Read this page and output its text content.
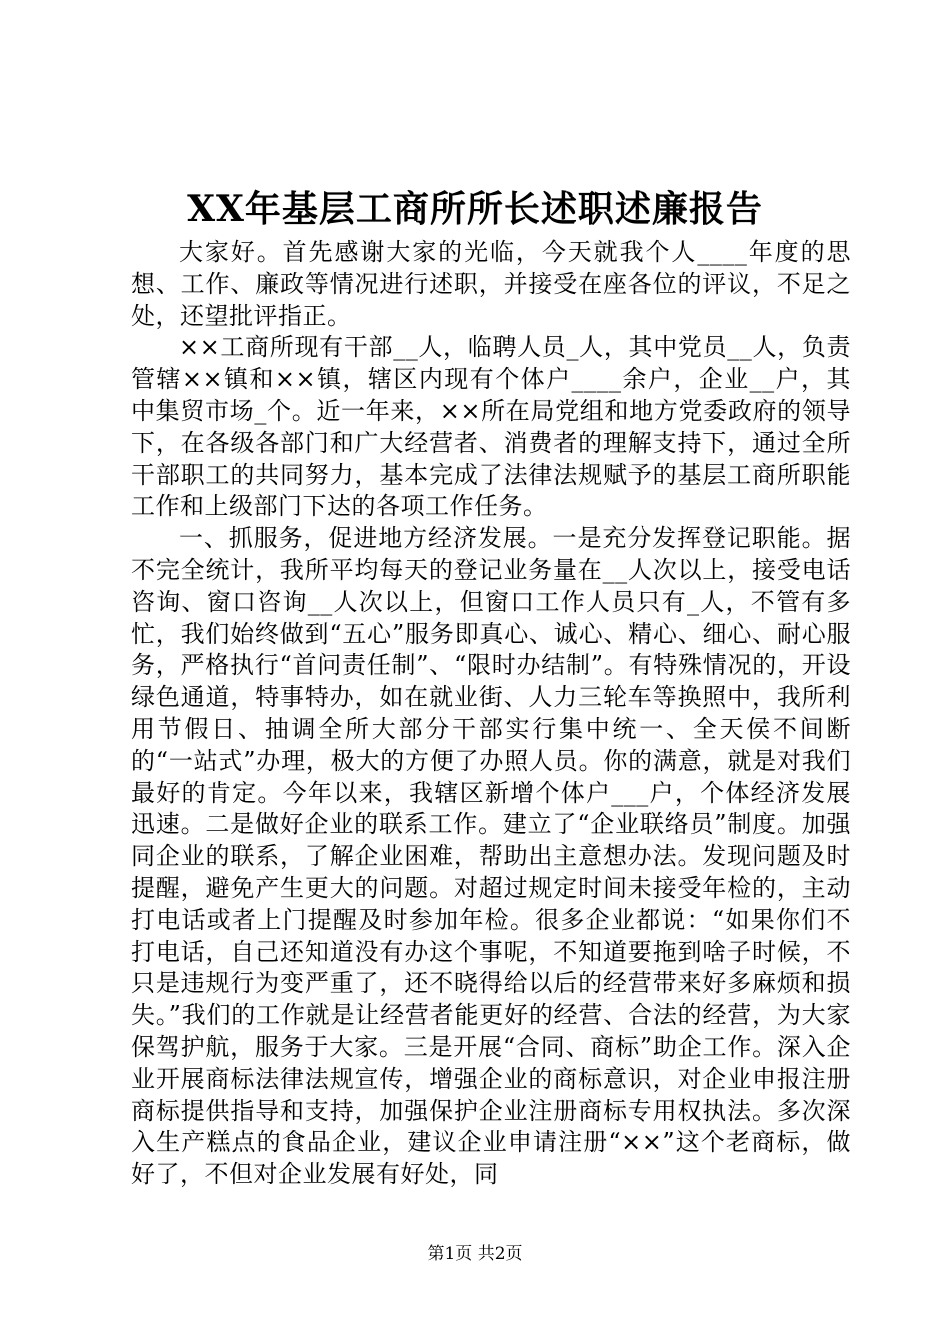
XX年基层工商所所长述职述廉报告

大家好。首先感谢大家的光临，今天就我个人____年度的思想、工作、廉政等情况进行述职，并接受在座各位的评议，不足之处，还望批评指正。

××工商所现有干部__人，临聘人员_人，其中党员__人，负责管辖××镇和××镇，辖区内现有个体户____余户，企业__户，其中集贸市场_个。近一年来，××所在局党组和地方党委政府的领导下，在各级各部门和广大经营者、消费者的理解支持下，通过全所干部职工的共同努力，基本完成了法律法规赋予的基层工商所职能工作和上级部门下达的各项工作任务。

一、抓服务，促进地方经济发展。一是充分发挥登记职能。据不完全统计，我所平均每天的登记业务量在__人次以上，接受电话咨询、窗口咨询__人次以上，但窗口工作人员只有_人，不管有多忙，我们始终做到“五心”服务即真心、诚心、精心、细心、耐心服务，严格执行“首问责任制”、“限时办结制”。有特殊情况的，开设绿色通道，特事特办，如在就业街、人力三轮车等换照中，我所利用节假日、抽调全所大部分干部实行集中统一、全天侯不间断的“一站式”办理，极大的方便了办照人员。你的满意，就是对我们最好的肯定。今年以来，我辖区新增个体户___户，个体经济发展迅速。二是做好企业的联系工作。建立了“企业联络员”制度。加强同企业的联系，了解企业困难，帮助出主意想办法。发现问题及时提醒，避免产生更大的问题。对超过规定时间未接受年检的，主动打电话或者上门提醒及时参加年检。很多企业都说：“如果你们不打电话，自己还知道没有办这个事呢，不知道要拖到啥子时候，不只是违规行为变严重了，还不晓得给以后的经营带来好多麻烦和损失。”我们的工作就是让经营者能更好的经营、合法的经营，为大家保驾护航，服务于大家。三是开展“合同、商标”助企工作。深入企业开展商标法律法规宣传，增强企业的商标意识，对企业申报注册商标提供指导和支持，加强保护企业注册商标专用权执法。多次深入生产糕点的食品企业，建议企业申请注册“××”这个老商标，做好了，不但对企业发展有好处，同

第1页 共2页
